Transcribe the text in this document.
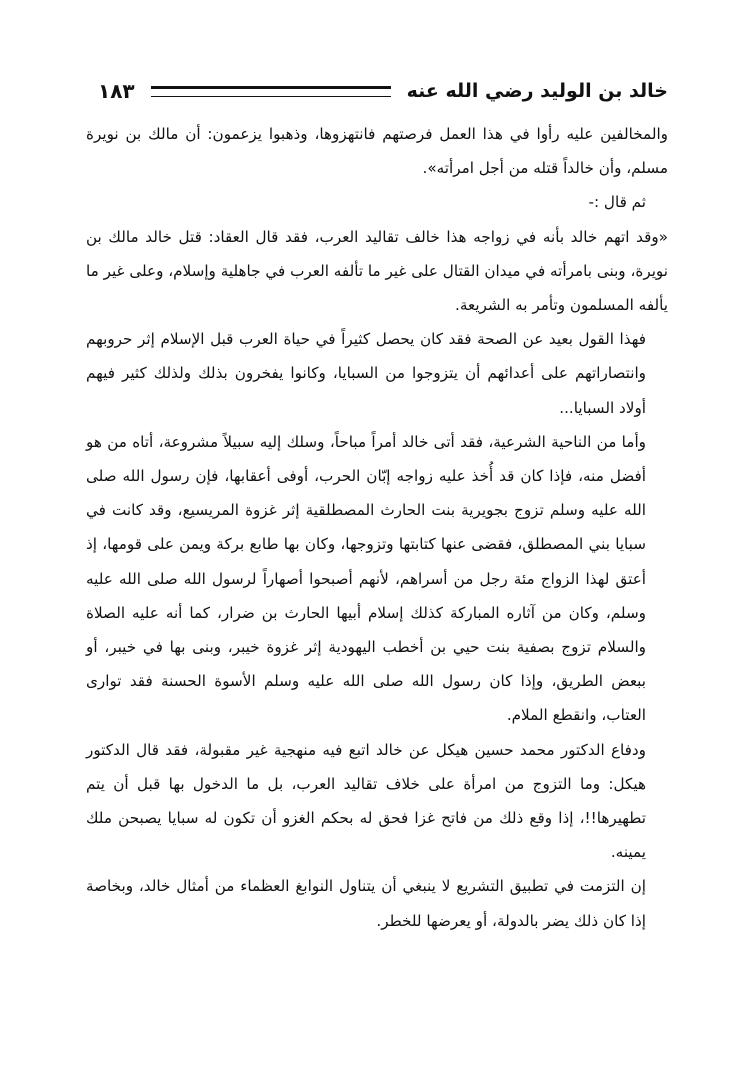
خالد بن الوليد رضي الله عنه
١٨٣

والمخالفين عليه رأوا في هذا العمل فرصتهم فانتهزوها، وذهبوا يزعمون: أن مالك بن نويرة مسلم، وأن خالداً قتله من أجل امرأته».

ثم قال :-

«وقد اتهم خالد بأنه في زواجه هذا خالف تقاليد العرب، فقد قال العقاد: قتل خالد مالك بن نويرة، وبنى بامرأته في ميدان القتال على غير ما تألفه العرب في جاهلية وإسلام، وعلى غير ما يألفه المسلمون وتأمر به الشريعة.

فهذا القول بعيد عن الصحة فقد كان يحصل كثيراً في حياة العرب قبل الإسلام إثر حروبهم وانتصاراتهم على أعدائهم أن يتزوجوا من السبايا، وكانوا يفخرون بذلك ولذلك كثير فيهم أولاد السبايا...

وأما من الناحية الشرعية، فقد أتى خالد أمراً مباحاً، وسلك إليه سبيلاً مشروعة، أتاه من هو أفضل منه، فإذا كان قد أُخذ عليه زواجه إبّان الحرب، أوفى أعقابها، فإن رسول الله صلى الله عليه وسلم تزوج بجويرية بنت الحارث المصطلقية إثر غزوة المريسيع، وقد كانت في سبايا بني المصطلق، فقضى عنها كتابتها وتزوجها، وكان بها طابع بركة ويمن على قومها، إذ أعتق لهذا الزواج مئة رجل من أسراهم، لأنهم أصبحوا أصهاراً لرسول الله صلى الله عليه وسلم، وكان من آثاره المباركة كذلك إسلام أبيها الحارث بن ضرار، كما أنه عليه الصلاة والسلام تزوج بصفية بنت حيي بن أخطب اليهودية إثر غزوة خيبر، وبنى بها في خيبر، أو ببعض الطريق، وإذا كان رسول الله صلى الله عليه وسلم الأسوة الحسنة فقد توارى العتاب، وانقطع الملام.

ودفاع الدكتور محمد حسين هيكل عن خالد اتبع فيه منهجية غير مقبولة، فقد قال الدكتور هيكل: وما التزوج من امرأة على خلاف تقاليد العرب، بل ما الدخول بها قبل أن يتم تطهيرها!!، إذا وقع ذلك من فاتح غزا فحق له بحكم الغزو أن تكون له سبايا يصبحن ملك يمينه.

إن التزمت في تطبيق التشريع لا ينبغي أن يتناول النوابغ العظماء من أمثال خالد، وبخاصة إذا كان ذلك يضر بالدولة، أو يعرضها للخطر.
